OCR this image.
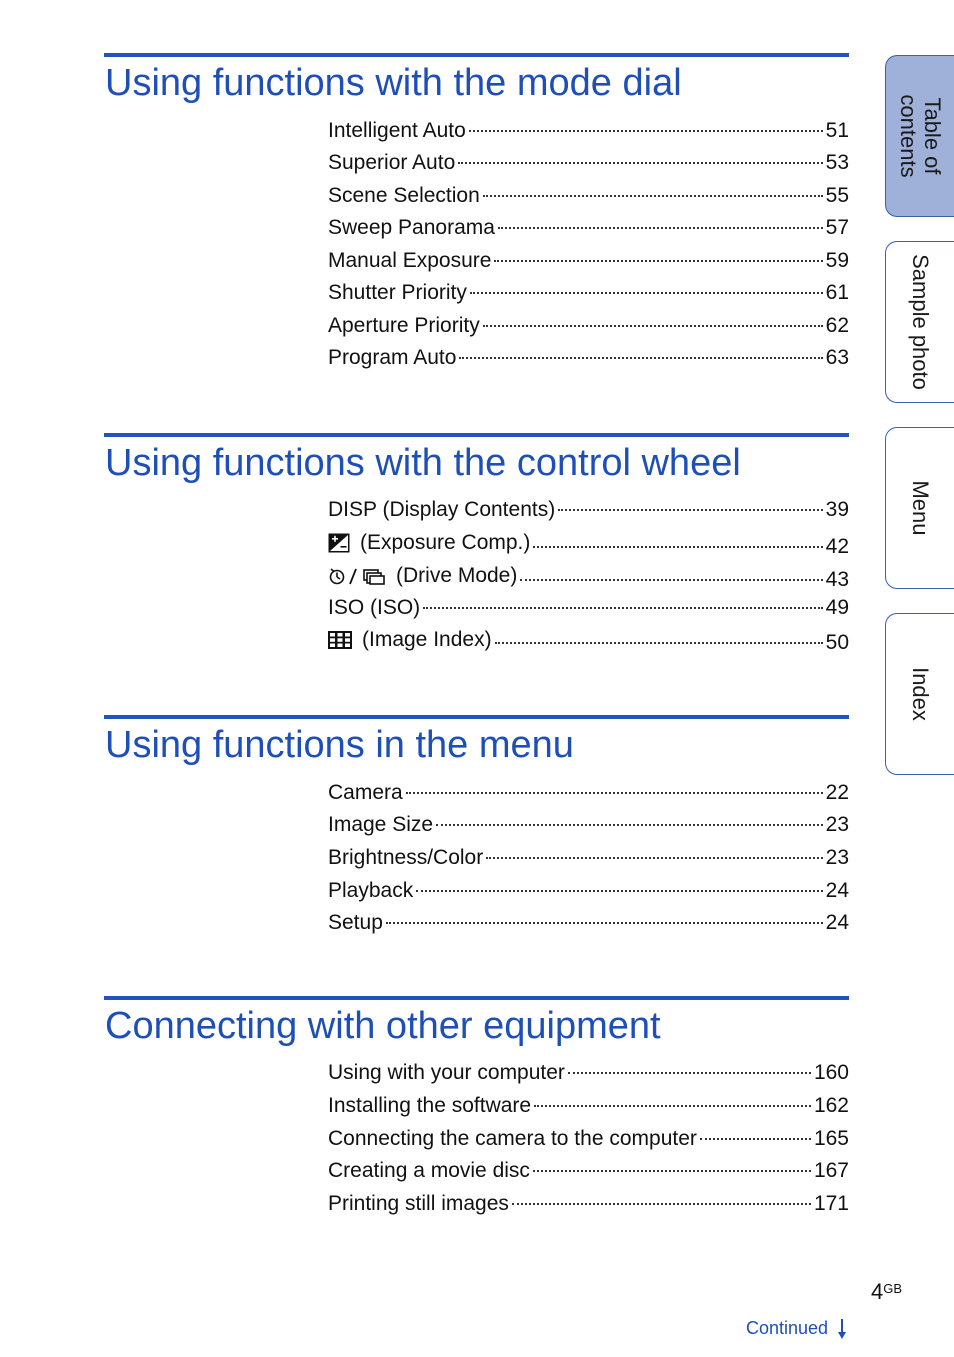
Using functions with the mode dial
Intelligent Auto	51
Superior Auto	53
Scene Selection	55
Sweep Panorama	57
Manual Exposure	59
Shutter Priority	61
Aperture Priority	62
Program Auto	63
Using functions with the control wheel
DISP (Display Contents)	39
(Exposure Comp.)	42
(Drive Mode)	43
ISO (ISO)	49
(Image Index)	50
Using functions in the menu
Camera	22
Image Size	23
Brightness/Color	23
Playback	24
Setup	24
Connecting with other equipment
Using with your computer	160
Installing the software	162
Connecting the camera to the computer	165
Creating a movie disc	167
Printing still images	171
Table of
contents
Sample photo
Menu
Index
$4^{GB}$
Continued
